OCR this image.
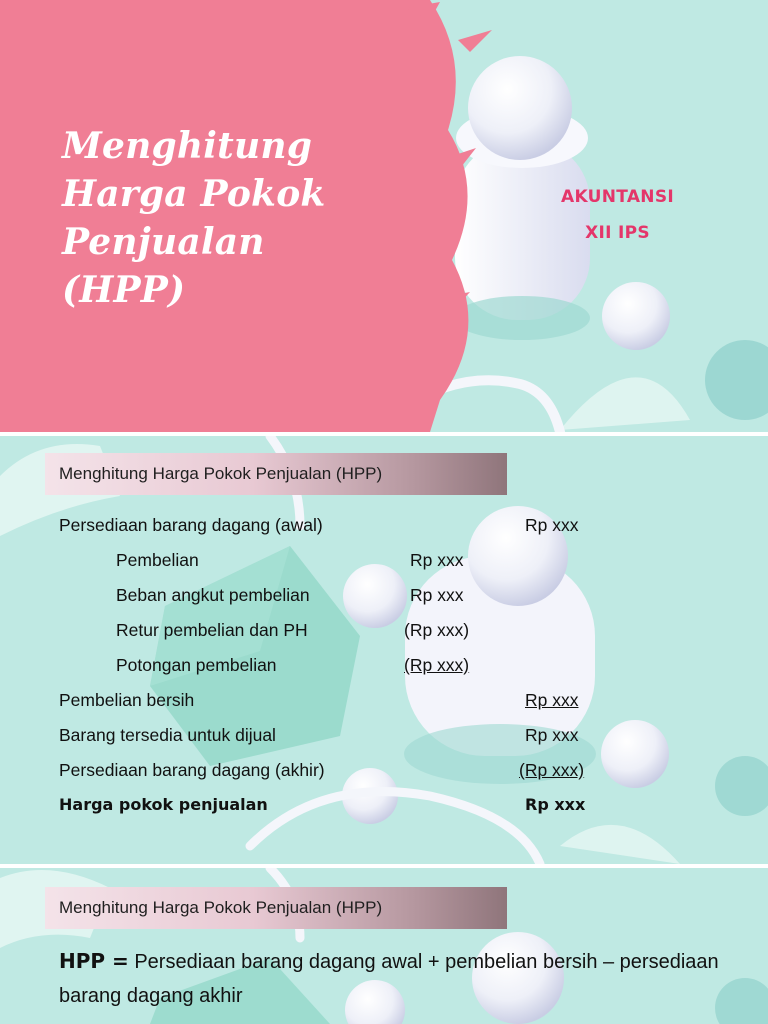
Menghitung
Harga Pokok
Penjualan
(HPP)
AKUNTANSI
XII IPS
Menghitung Harga Pokok Penjualan (HPP)
Persediaan barang dagang (awal)	Rp xxx
Pembelian	Rp xxx
Beban angkut pembelian	Rp xxx
Retur pembelian dan PH	(Rp xxx)
Potongan pembelian	(Rp xxx)
Pembelian bersih	Rp xxx
Barang tersedia untuk dijual	Rp xxx
Persediaan barang dagang (akhir)	(Rp xxx)
Harga pokok penjualan	Rp xxx
Menghitung Harga Pokok Penjualan (HPP)

HPP = Persediaan barang dagang awal + pembelian bersih – persediaan barang dagang akhir
